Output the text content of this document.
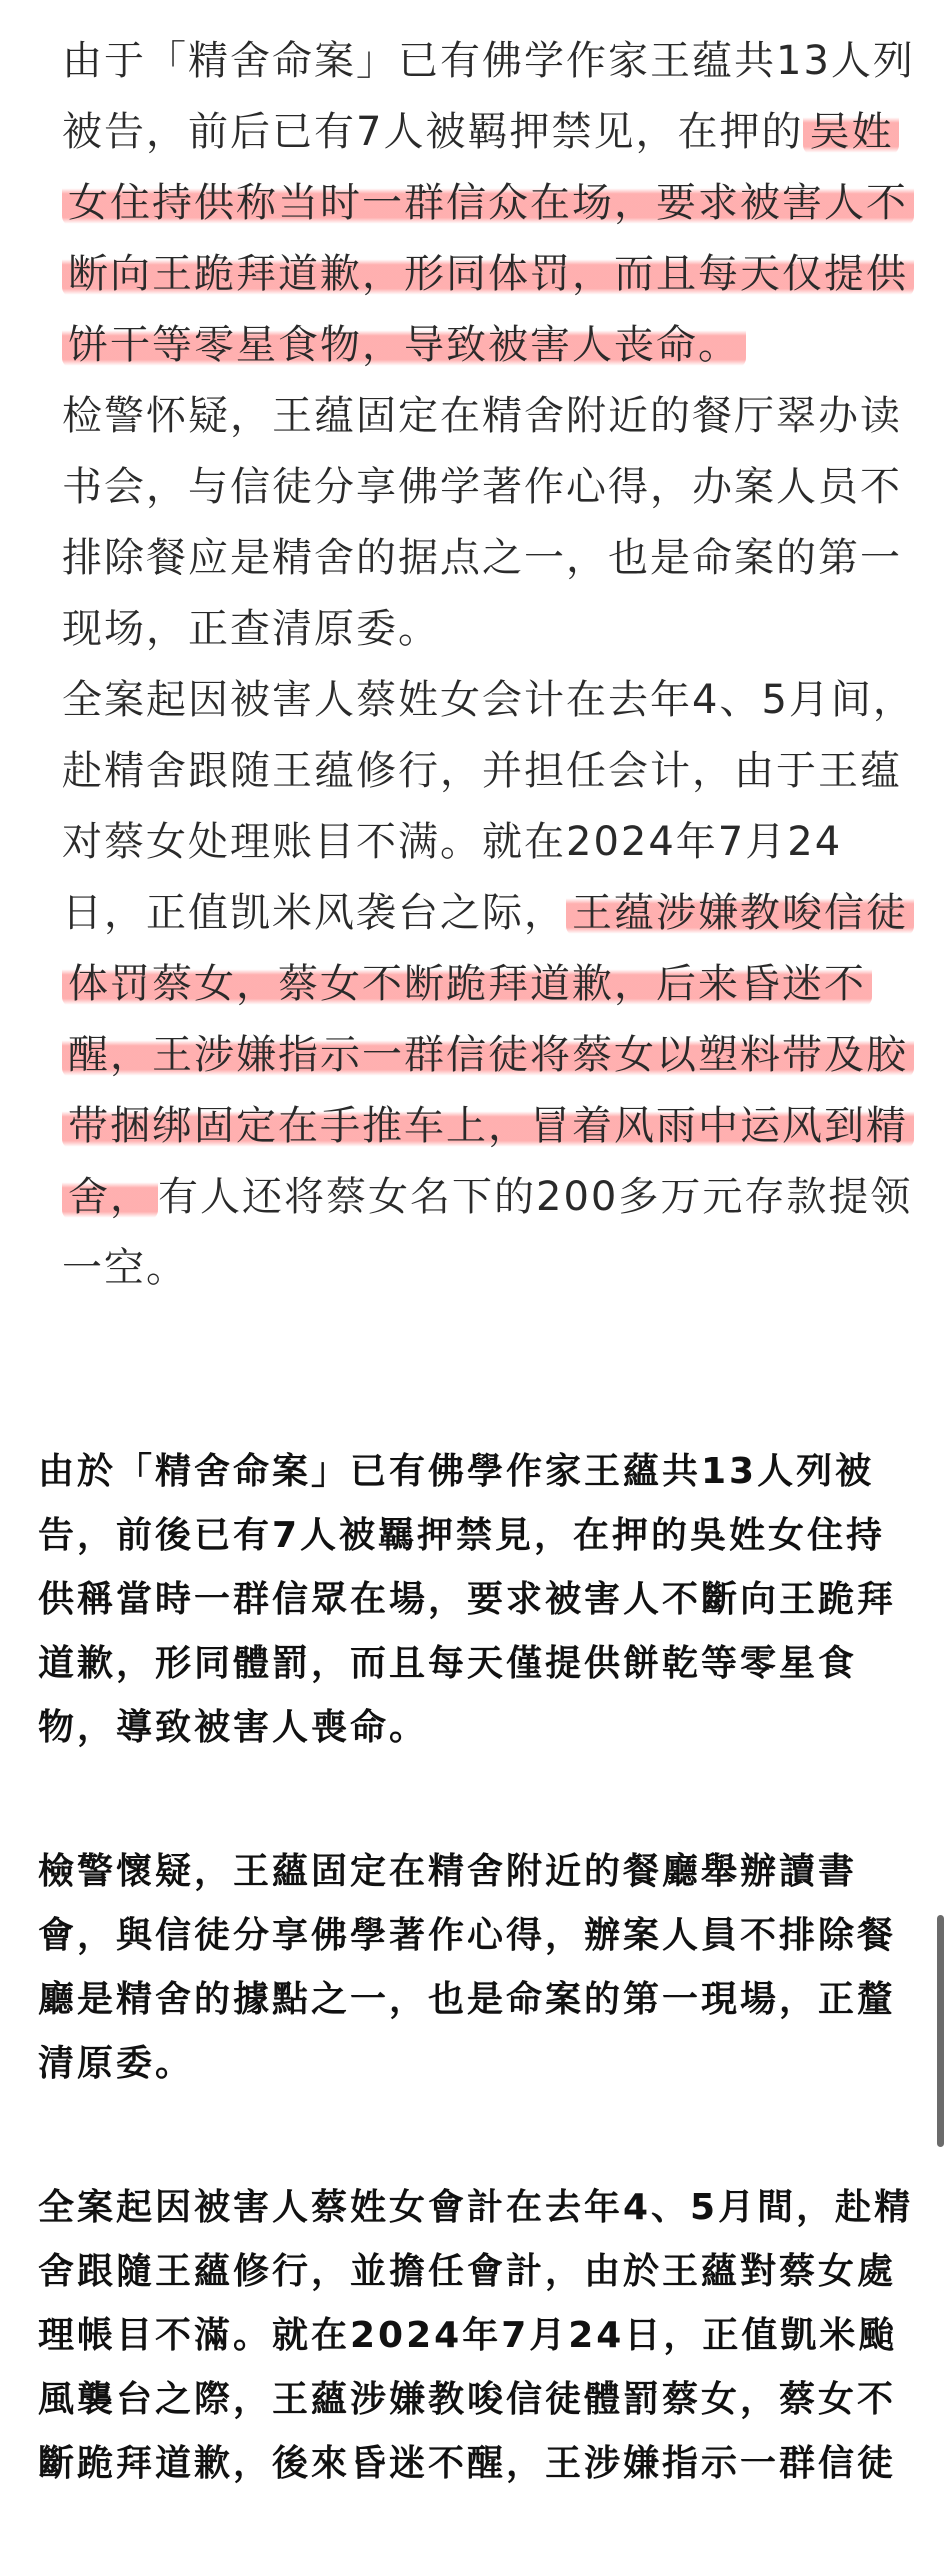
由于「精舍命案」已有佛学作家王蕴共13人列被告，前后已有7人被羁押禁见，在押的 吴姓女住持供称当时一群信众在场，要求被害人不断向王跪拜道歉，形同体罚，而且每天仅提供饼干等零星食物，导致被害人丧命。

检警怀疑，王蕴固定在精舍附近的餐厅翠办读书会，与信徒分享佛学著作心得，办案人员不排除餐应是精舍的据点之一，也是命案的第一现场，正查清原委。

全案起因被害人蔡姓女会计在去年4、5月间，赴精舍跟随王蕴修行，并担任会计，由于王蕴对蔡女处理账目不满。就在2024年7月24日，正值凯米风袭台之际， 王蕴涉嫌教唆信徒体罚蔡女，蔡女不断跪拜道歉，后来昏迷不醒，王涉嫌指示一群信徒将蔡女以塑料带及胶带捆绑固定在手推车上，冒着风雨中运风到精舍， 有人还将蔡女名下的200多万元存款提领一空。

由於「精舍命案」已有佛學作家王蘊共13人列被告，前後已有7人被羈押禁見，在押的吳姓女住持供稱當時一群信眾在場，要求被害人不斷向王跪拜道歉，形同體罰，而且每天僅提供餅乾等零星食物，導致被害人喪命。

檢警懷疑，王蘊固定在精舍附近的餐廳舉辦讀書會，與信徒分享佛學著作心得，辦案人員不排除餐廳是精舍的據點之一，也是命案的第一現場，正釐清原委。

全案起因被害人蔡姓女會計在去年4、5月間，赴精舍跟隨王蘊修行，並擔任會計，由於王蘊對蔡女處理帳目不滿。就在2024年7月24日，正值凱米颱風襲台之際，王蘊涉嫌教唆信徒體罰蔡女，蔡女不斷跪拜道歉，後來昏迷不醒，王涉嫌指示一群信徒
